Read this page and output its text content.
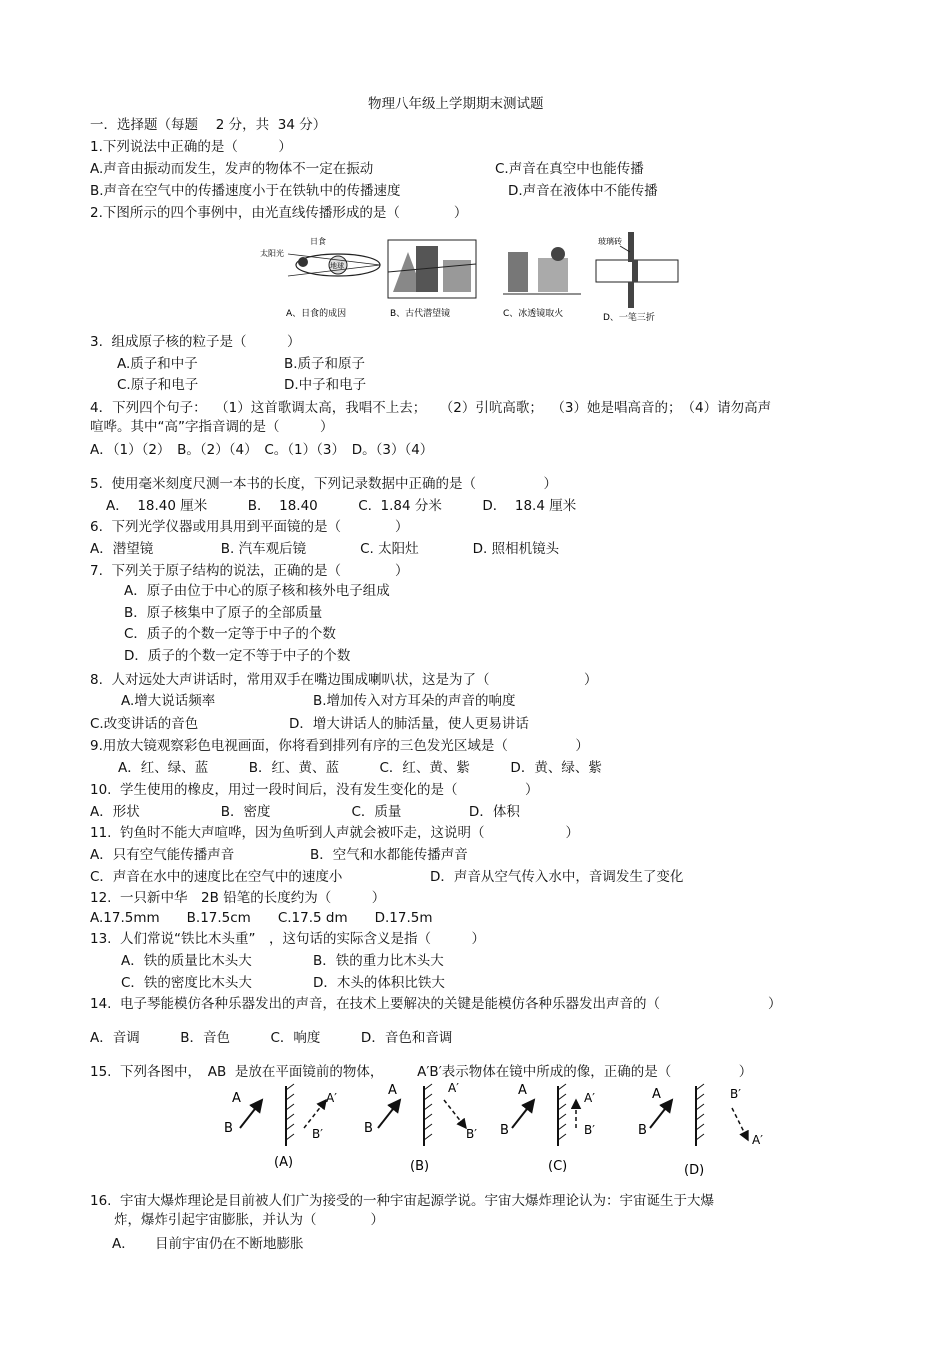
物理八年级上学期期末测试题
一．选择题（每题　 2 分，共  34 分）
1.下列说法中正确的是（　　　）
A.声音由振动而发生，发声的物体不一定在振动	C.声音在真空中也能传播
B.声音在空气中的传播速度小于在铁轨中的传播速度	D.声音在液体中不能传播
2.下图所示的四个事例中，由光直线传播形成的是（　　　　）
太阳光
日食
地球
玻璃砖
A、日食的成因	B、古代潜望镜	C、冰透镜取火	D、一笔三折
3.  组成原子核的粒子是（　　　）
A.质子和中子	B.质子和原子
C.原子和电子	D.中子和电子
4．下列四个句子：  （1）这首歌调太高，我唱不上去；　　（2）引吭高歌；  （3）她是唱高音的；　（4）请勿高声
喧哗。其中“高”字指音调的是（　　　）
A．（1）（2）　B。（2）（4）　C。（1）（3）　D。（3）（4）
5.  使用毫米刻度尺测一本书的长度，下列记录数据中正确的是（　　　　　）
A．  18.40 厘米　　　B．  18.40　　　C.  1.84 分米　　　D．  18.4 厘米
6.  下列光学仪器或用具用到平面镜的是（　　　　）
A．潜望镜　　　　　B. 汽车观后镜　　　　C. 太阳灶　　　　D. 照相机镜头
7.  下列关于原子结构的说法，正确的是（　　　　）
A．原子由位于中心的原子核和核外电子组成
B．原子核集中了原子的全部质量
C．质子的个数一定等于中子的个数
D．质子的个数一定不等于中子的个数
8.  人对远处大声讲话时，常用双手在嘴边围成喇叭状，这是为了（　　　　　　　）
A.增大说话频率	B.增加传入对方耳朵的声音的响度
C.改变讲话的音色	D．增大讲话人的肺活量，使人更易讲话
9.用放大镜观察彩色电视画面，你将看到排列有序的三色发光区域是（　　　　　）
A．红、绿、蓝　　　B．红、黄、蓝　　　C．红、黄、紫　　　D．黄、绿、紫
10.  学生使用的橡皮，用过一段时间后，没有发生变化的是（　　　　　）
A．形状　　　　　　B．密度　　　　　　C．质量　　　　　D．体积
11.  钓鱼时不能大声喧哗，因为鱼听到人声就会被吓走，这说明（　　　　　　）
A．只有空气能传播声音	B．空气和水都能传播声音
C．声音在水中的速度比在空气中的速度小	D．声音从空气传入水中，音调发生了变化
12.  一只新中华　2B 铅笔的长度约为（　　　）
A.17.5mm　　B.17.5cm　　C.17.5 dm　　D.17.5m
13.  人们常说“铁比木头重”　，这句话的实际含义是指（　　　）
A．铁的质量比木头大	B．铁的重力比木头大
C．铁的密度比木头大	D．木头的体积比铁大
14.  电子琴能模仿各种乐器发出的声音，在技术上要解决的关键是能模仿各种乐器发出声音的（　　　　　　　　）
A．音调　　　B．音色　　　C．响度　　　D．音色和音调
15.  下列各图中，　AB  是放在平面镜前的物体，　　　A′B′表示物体在镜中所成的像，正确的是（　　　　　）
A
B
A′
B′
(A)
A
B
A′
B′
(B)
A
B
A′
B′
(C)
A
B
B′
A′
(D)
16.  宇宙大爆炸理论是目前被人们广为接受的一种宇宙起源学说。宇宙大爆炸理论认为：宇宙诞生于大爆
炸，爆炸引起宇宙膨胀，并认为（　　　　）
A．　　目前宇宙仍在不断地膨胀
